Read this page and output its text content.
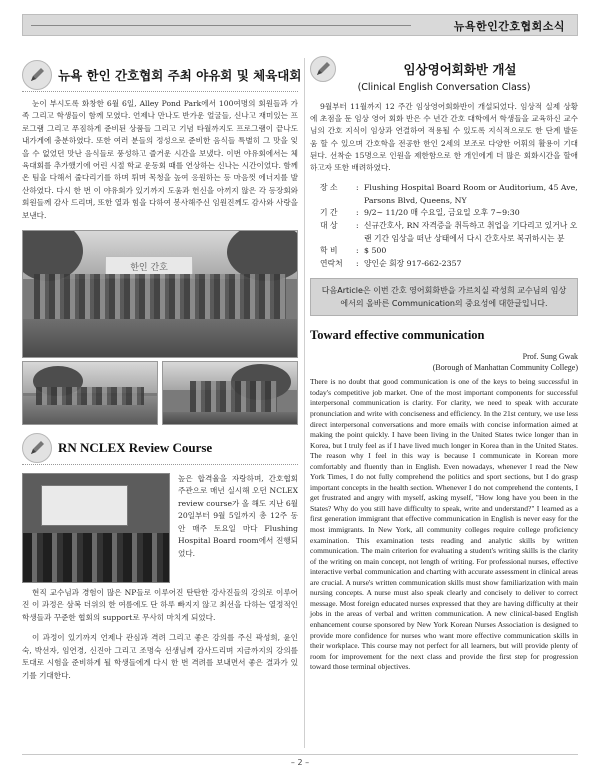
뉴욕한인간호협회소식
뉴욕 한인 간호협회 주최 야유회 및 체육대회

눈이 부시도록 화창한 6월 6일, Alley Pond Park에서 100여명의 회원들과 가족 그리고 학생들이 함께 모였다. 언제나 만나도 반가운 얼굴들, 신나고 재미있는 프로그램 그리고 푸짐하게 준비된 상품들 그리고 기념 타월까지도 프로그램이 끝나도 내가게에 충분하였다. 또한 여러 분들의 정성으로 준비한 음식들 특별히 그 맛을 잊을 수 없었던 맛난 음식들로 풍성하고 즐거운 시간을 보냈다. 이번 야유회에서는 체육대회를 추가했기에 어린 시절 학교 운동회 때를 연상하는 신나는 시간이었다. 함께 온 팀을 다해서 줄다리기를 하며 튀며 목청을 높여 응원하는 등 마음껏 에너지를 발산하였다. 다시 한 번 이 야유회가 있기까지 도움과 헌신을 아끼지 않은 각 등장회와 회원들께 감사 드리며, 또한 열과 힘을 다하여 봉사해주신 임원진께도 감사와 사랑을 보낸다.

한인 간호
RN NCLEX Review Course

높은 합격율을 자랑하며, 간호협회 주관으로 매년 실시해 오던 NCLEX review course가 올 해도 지난 6월 20일부터 9월 5일까지 총 12주 동안 매주 토요일 마다 Flushing Hospital Board room에서 진행되었다.

현직 교수님과 경험이 많은 NP들로 이루어진 탄탄한 강사진들의 강의로 이루어진 이 과정은 삼복 더위의 한 여름에도 단 하루 빠지지 않고 최선을 다하는 열정적인 학생들과 꾸준한 협회의 support로 무사히 마치게 되었다.

이 과정이 있기까지 언제나 관심과 격려 그리고 좋은 강의를 주신 곽성희, 윤인숙, 박선자, 임연경, 신진아 그리고 조명숙 선생님께 감사드리며 지금까지의 강의를 토대로 시험을 준비하게 될 학생들에게 다시 한 번 격려를 보내면서 좋은 결과가 있기를 기대한다.

임상영어회화반 개설
(Clinical English Conversation Class)

9월부터 11월까지 12 주간 임상영어회화반이 개설되었다. 임상적 실제 상황에 초점을 둔 임상 영어 회화 반은 수 년간 간호 대학에서 학생들을 교육하신 교수님의 간호 지식이 임상과 연결하여 적용될 수 있도록 지식적으로도 한 단계 발돋움 할 수 있으며 간호학을 전공한 한인 2세의 보조로 다양한 어휘의 활용이 기대된다. 선착순 15명으로 인원을 제한함으로 한 개인에게 더 많은 회화시간을 할애하고자 또한 배려하였다.

장 소	: Flushing Hospital Board Room or Auditorium, 45 Ave, Parsons Blvd, Queens, NY
기 간	: 9/2~ 11/20 매 수요일, 금요일 오후 7~9:30
대 상	: 신규간호사, RN 자격증을 취득하고 취업을 기다리고 있거나 오랜 기간 임상을 떠난 상태에서 다시 간호사로 복귀하시는 분
학 비	: $ 500
연락처	: 양인순 회장 917-662-2357
다음Article은 이번 간호 영어회화반을 가르치실 곽성희 교수님의 임상에서의 올바른 Communication의 중요성에 대한글입니다.
Toward effective communication
Prof. Sung Gwak
(Borough of Manhattan Community College)

There is no doubt that good communication is one of the keys to being successful in today's competitive job market. One of the most important components for successful interpersonal communication is clarity. For clarity, we need to speak with accurate pronunciation and write with conciseness and efficiency. In the 21st century, we use less direct interpersonal conversations and more emails with concise information aimed at making the point quickly. I have been living in the United States twice longer than in Korea, but I truly feel as if I have lived much longer in Korea than in the United States. The reason why I feel in this way is because I communicate in Korean more comfortably and fluently than in English. Even nowadays, whenever I read the New York Times, I do not fully comprehend the politics and sport sections, but I do grasp important concepts in the health section. Whenever I do not comprehend the contents, I get frustrated and angry with myself, asking myself, "How long have you been in the States? Why do you still have difficulty to speak, write and understand?" I learned as a first generation immigrant that effective communication in English is never easy for the most immigrants. In New York, all community colleges require college proficiency examination. This examination tests reading and analytic skills by written communication. The main criterion for evaluating a student's writing skills is the clarity of the writing on main concept, not length of writing. For professional nurses, effective interactive verbal communication and charting with accurate assessment in clinical areas are crucial. A nurse's written communication skills must show familiarization with main nursing concepts. A nurse must also speak clearly and concisely to deliver to correct message. Most foreign educated nurses expressed that they are having difficulty at their jobs in the areas of verbal and written communication. A new clinical-based English enhancement course sponsored by New York Korean Nurses Association is designed to provide more confidence for nurses who want more effective communication skills in their workplace. This course may not perfect for all learners, but will provide plenty of room for improvement for the next class and provide the first step for progression toward those terminal objectives.

– 2 –
